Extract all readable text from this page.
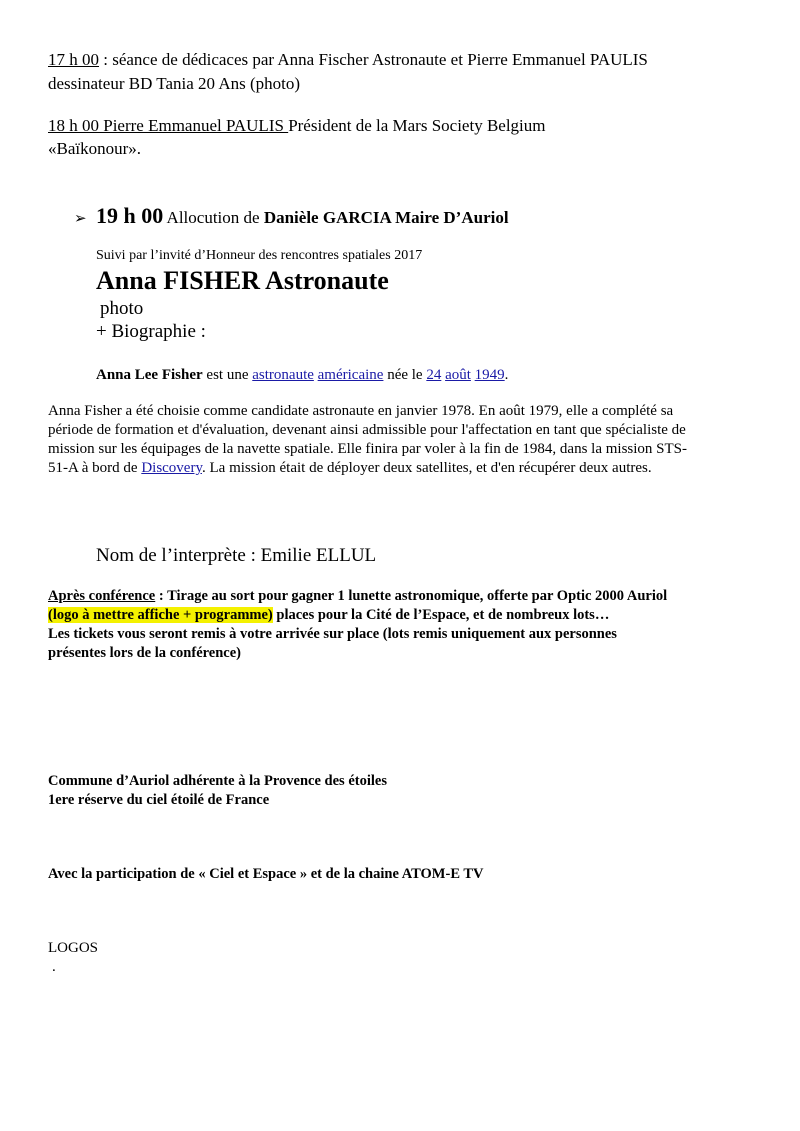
17 h 00 : séance de dédicaces par Anna Fischer Astronaute et Pierre Emmanuel PAULIS
dessinateur BD Tania 20 Ans (photo)
18 h 00 Pierre Emmanuel PAULIS Président de la Mars Society Belgium
«Baïkonour».
➢ 19 h 00 Allocution de Danièle GARCIA Maire D’Auriol
Suivi par l’invité d’Honneur des rencontres spatiales 2017
Anna FISHER Astronaute
photo
+ Biographie :
Anna Lee Fisher est une astronaute américaine née le 24 août 1949.
Anna Fisher a été choisie comme candidate astronaute en janvier 1978. En août 1979, elle a complété sa
période de formation et d'évaluation, devenant ainsi admissible pour l'affectation en tant que spécialiste de
mission sur les équipages de la navette spatiale. Elle finira par voler à la fin de 1984, dans la mission STS-
51-A à bord de Discovery. La mission était de déployer deux satellites, et d'en récupérer deux autres.
Nom de l’interprète : Emilie ELLUL
Après conférence : Tirage au sort pour gagner 1 lunette astronomique, offerte par Optic 2000 Auriol
(logo à mettre affiche + programme) places pour la Cité de l’Espace, et de nombreux lots…
Les tickets vous seront remis à votre arrivée sur place (lots remis uniquement aux personnes
présentes lors de la conférence)
Commune d’Auriol adhérente à la Provence des étoiles
1ere réserve du ciel étoilé de France
Avec la participation de « Ciel et Espace » et de la chaine ATOM-E TV
LOGOS
.
